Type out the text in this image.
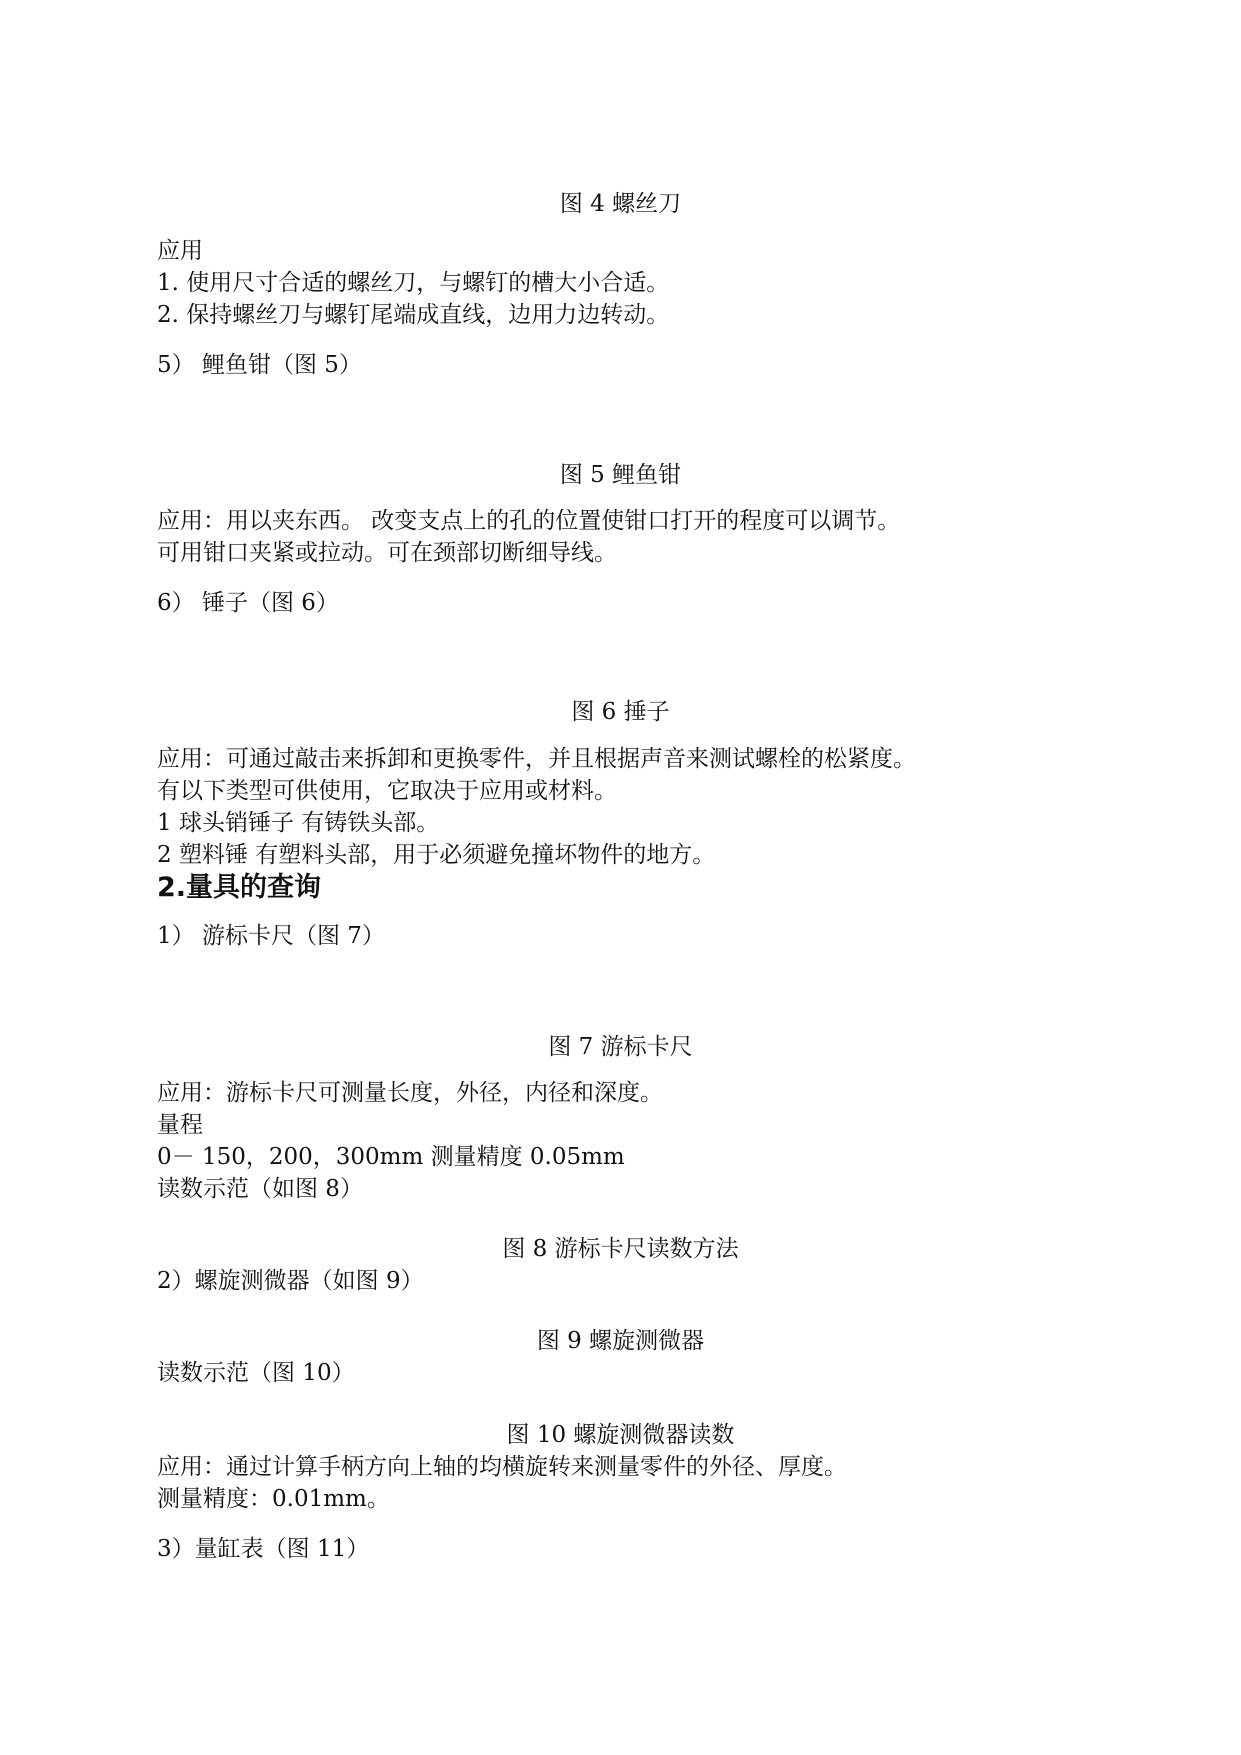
图 4 螺丝刀
应用
1. 使用尺寸合适的螺丝刀，与螺钉的槽大小合适。
2. 保持螺丝刀与螺钉尾端成直线，边用力边转动。
5） 鲤鱼钳（图 5）
图 5 鲤鱼钳
应用：用以夹东西。 改变支点上的孔的位置使钳口打开的程度可以调节。
可用钳口夹紧或拉动。可在颈部切断细导线。
6） 锤子（图 6）
图 6 捶子
应用：可通过敲击来拆卸和更换零件，并且根据声音来测试螺栓的松紧度。
有以下类型可供使用，它取决于应用或材料。
1 球头销锤子 有铸铁头部。
2 塑料锤 有塑料头部，用于必须避免撞坏物件的地方。
2.量具的查询
1） 游标卡尺（图 7）
图 7 游标卡尺
应用：游标卡尺可测量长度，外径，内径和深度。
量程
0－ 150，200，300mm 测量精度 0.05mm
读数示范（如图 8）
图 8 游标卡尺读数方法
2）螺旋测微器（如图 9）
图 9 螺旋测微器
读数示范（图 10）
图 10 螺旋测微器读数
应用：通过计算手柄方向上轴的均横旋转来测量零件的外径、厚度。
测量精度：0.01mm。
3）量缸表（图 11）
